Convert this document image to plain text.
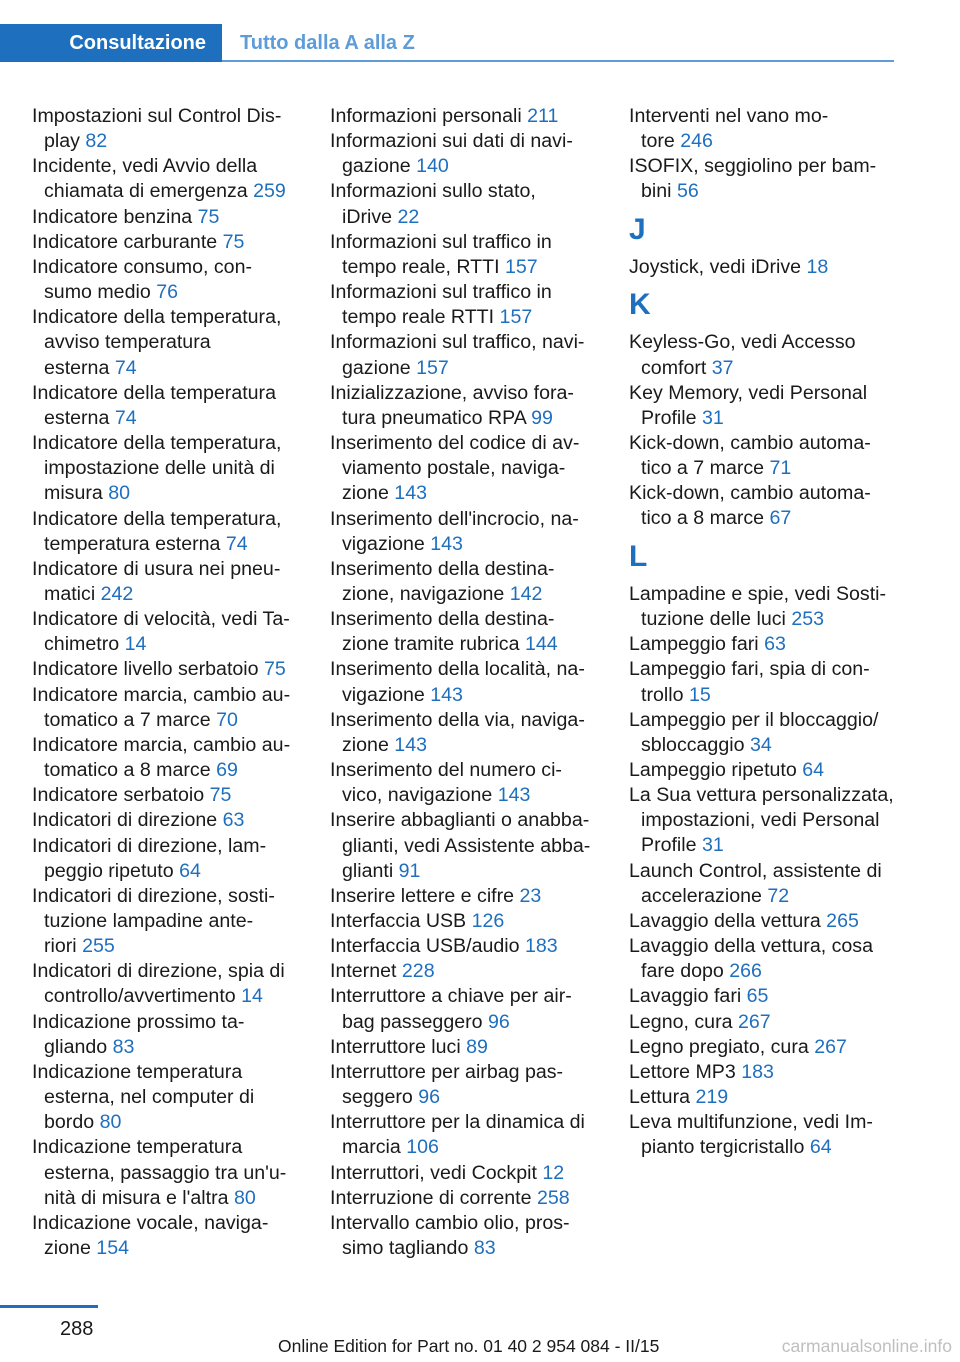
Consultazione	Tutto dalla A alla Z

Impostazioni sul Control Dis-
play 82

Incidente, vedi Avvio della
chiamata di emergenza 259

Indicatore benzina 75

Indicatore carburante 75

Indicatore consumo, con-
sumo medio 76

Indicatore della temperatura,
avviso temperatura
esterna 74

Indicatore della temperatura
esterna 74

Indicatore della temperatura,
impostazione delle unità di
misura 80

Indicatore della temperatura,
temperatura esterna 74

Indicatore di usura nei pneu-
matici 242

Indicatore di velocità, vedi Ta-
chimetro 14

Indicatore livello serbatoio 75

Indicatore marcia, cambio au-
tomatico a 7 marce 70

Indicatore marcia, cambio au-
tomatico a 8 marce 69

Indicatore serbatoio 75

Indicatori di direzione 63

Indicatori di direzione, lam-
peggio ripetuto 64

Indicatori di direzione, sosti-
tuzione lampadine ante-
riori 255

Indicatori di direzione, spia di
controllo/avvertimento 14

Indicazione prossimo ta-
gliando 83

Indicazione temperatura
esterna, nel computer di
bordo 80

Indicazione temperatura
esterna, passaggio tra un'u-
nità di misura e l'altra 80

Indicazione vocale, naviga-
zione 154

Informazioni personali 211

Informazioni sui dati di navi-
gazione 140

Informazioni sullo stato,
iDrive 22

Informazioni sul traffico in
tempo reale, RTTI 157

Informazioni sul traffico in
tempo reale RTTI 157

Informazioni sul traffico, navi-
gazione 157

Inizializzazione, avviso fora-
tura pneumatico RPA 99

Inserimento del codice di av-
viamento postale, naviga-
zione 143

Inserimento dell'incrocio, na-
vigazione 143

Inserimento della destina-
zione, navigazione 142

Inserimento della destina-
zione tramite rubrica 144

Inserimento della località, na-
vigazione 143

Inserimento della via, naviga-
zione 143

Inserimento del numero ci-
vico, navigazione 143

Inserire abbaglianti o anabba-
glianti, vedi Assistente abba-
glianti 91

Inserire lettere e cifre 23

Interfaccia USB 126

Interfaccia USB/audio 183

Internet 228

Interruttore a chiave per air-
bag passeggero 96

Interruttore luci 89

Interruttore per airbag pas-
seggero 96

Interruttore per la dinamica di
marcia 106

Interruttori, vedi Cockpit 12

Interruzione di corrente 258

Intervallo cambio olio, pros-
simo tagliando 83

Interventi nel vano mo-
tore 246

ISOFIX, seggiolino per bam-
bini 56

J

Joystick, vedi iDrive 18

K

Keyless-Go, vedi Accesso
comfort 37

Key Memory, vedi Personal
Profile 31

Kick-down, cambio automa-
tico a 7 marce 71

Kick-down, cambio automa-
tico a 8 marce 67

L

Lampadine e spie, vedi Sosti-
tuzione delle luci 253

Lampeggio fari 63

Lampeggio fari, spia di con-
trollo 15

Lampeggio per il bloccaggio/
sbloccaggio 34

Lampeggio ripetuto 64

La Sua vettura personalizzata,
impostazioni, vedi Personal
Profile 31

Launch Control, assistente di
accelerazione 72

Lavaggio della vettura 265

Lavaggio della vettura, cosa
fare dopo 266

Lavaggio fari 65

Legno, cura 267

Legno pregiato, cura 267

Lettore MP3 183

Lettura 219

Leva multifunzione, vedi Im-
pianto tergicristallo 64

288
Online Edition for Part no. 01 40 2 954 084 - II/15	carmanualsonline.info
